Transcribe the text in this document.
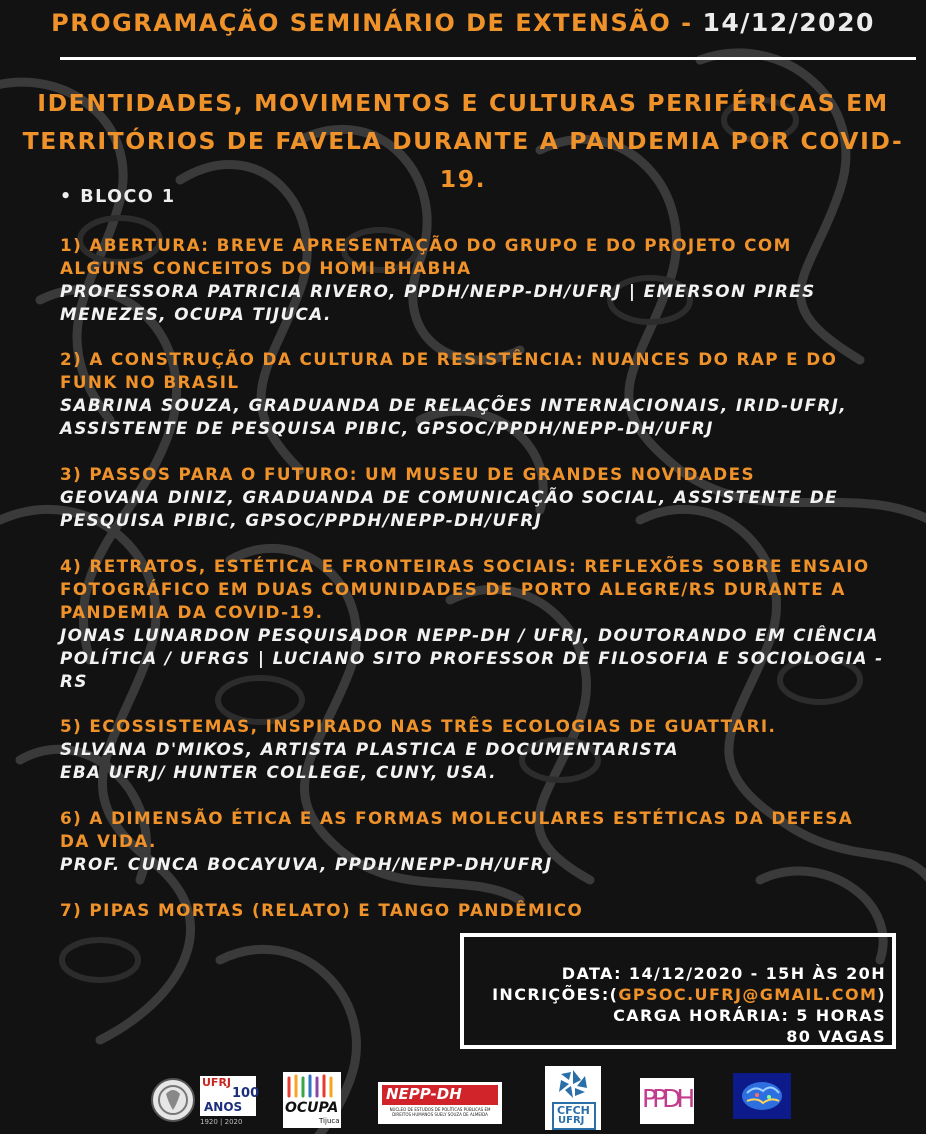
PROGRAMAÇÃO SEMINÁRIO DE EXTENSÃO - 14/12/2020
IDENTIDADES, MOVIMENTOS E CULTURAS PERIFÉRICAS EM
TERRITÓRIOS DE FAVELA DURANTE A PANDEMIA POR COVID-19.
• BLOCO 1
1) ABERTURA: BREVE APRESENTAÇÃO DO GRUPO E DO PROJETO COM
ALGUNS CONCEITOS DO HOMI BHABHA
PROFESSORA PATRICIA RIVERO, PPDH/NEPP-DH/UFRJ | EMERSON PIRES
MENEZES, OCUPA TIJUCA.
2) A CONSTRUÇÃO DA CULTURA DE RESISTÊNCIA: NUANCES DO RAP E DO
FUNK NO BRASIL
SABRINA SOUZA, GRADUANDA DE RELAÇÕES INTERNACIONAIS, IRID-UFRJ,
ASSISTENTE DE PESQUISA PIBIC, GPSOC/PPDH/NEPP-DH/UFRJ
3) PASSOS PARA O FUTURO: UM MUSEU DE GRANDES NOVIDADES
GEOVANA DINIZ, GRADUANDA DE COMUNICAÇÃO SOCIAL, ASSISTENTE DE
PESQUISA PIBIC, GPSOC/PPDH/NEPP-DH/UFRJ
4) RETRATOS, ESTÉTICA E FRONTEIRAS SOCIAIS: REFLEXÕES SOBRE ENSAIO
FOTOGRÁFICO EM DUAS COMUNIDADES DE PORTO ALEGRE/RS DURANTE A
PANDEMIA DA COVID-19.
JONAS LUNARDON PESQUISADOR NEPP-DH / UFRJ, DOUTORANDO EM CIÊNCIA
POLÍTICA / UFRGS | LUCIANO SITO PROFESSOR DE FILOSOFIA E SOCIOLOGIA -
RS
5) ECOSSISTEMAS, INSPIRADO NAS TRÊS ECOLOGIAS DE GUATTARI.
SILVANA D'MIKOS, ARTISTA PLASTICA E DOCUMENTARISTA
EBA UFRJ/ HUNTER COLLEGE, CUNY, USA.
6) A DIMENSÃO ÉTICA E AS FORMAS MOLECULARES ESTÉTICAS DA DEFESA
DA VIDA.
PROF. CUNCA BOCAYUVA, PPDH/NEPP-DH/UFRJ
7) PIPAS MORTAS (RELATO) E TANGO PANDÊMICO
DATA: 14/12/2020 - 15H ÀS 20H
INCRIÇÕES:(GPSOC.UFRJ@GMAIL.COM)
CARGA HORÁRIA: 5 HORAS
80 VAGAS
UFRJ
100
ANOS
1920 | 2020
OCUPA
Tijuca
NEPP-DH
NÚCLEO DE ESTUDOS DE POLÍTICAS PÚBLICAS EM DIREITOS HUMANOS SUELY SOUZA DE ALMEIDA	CFCH
UFRJ
PPDH
